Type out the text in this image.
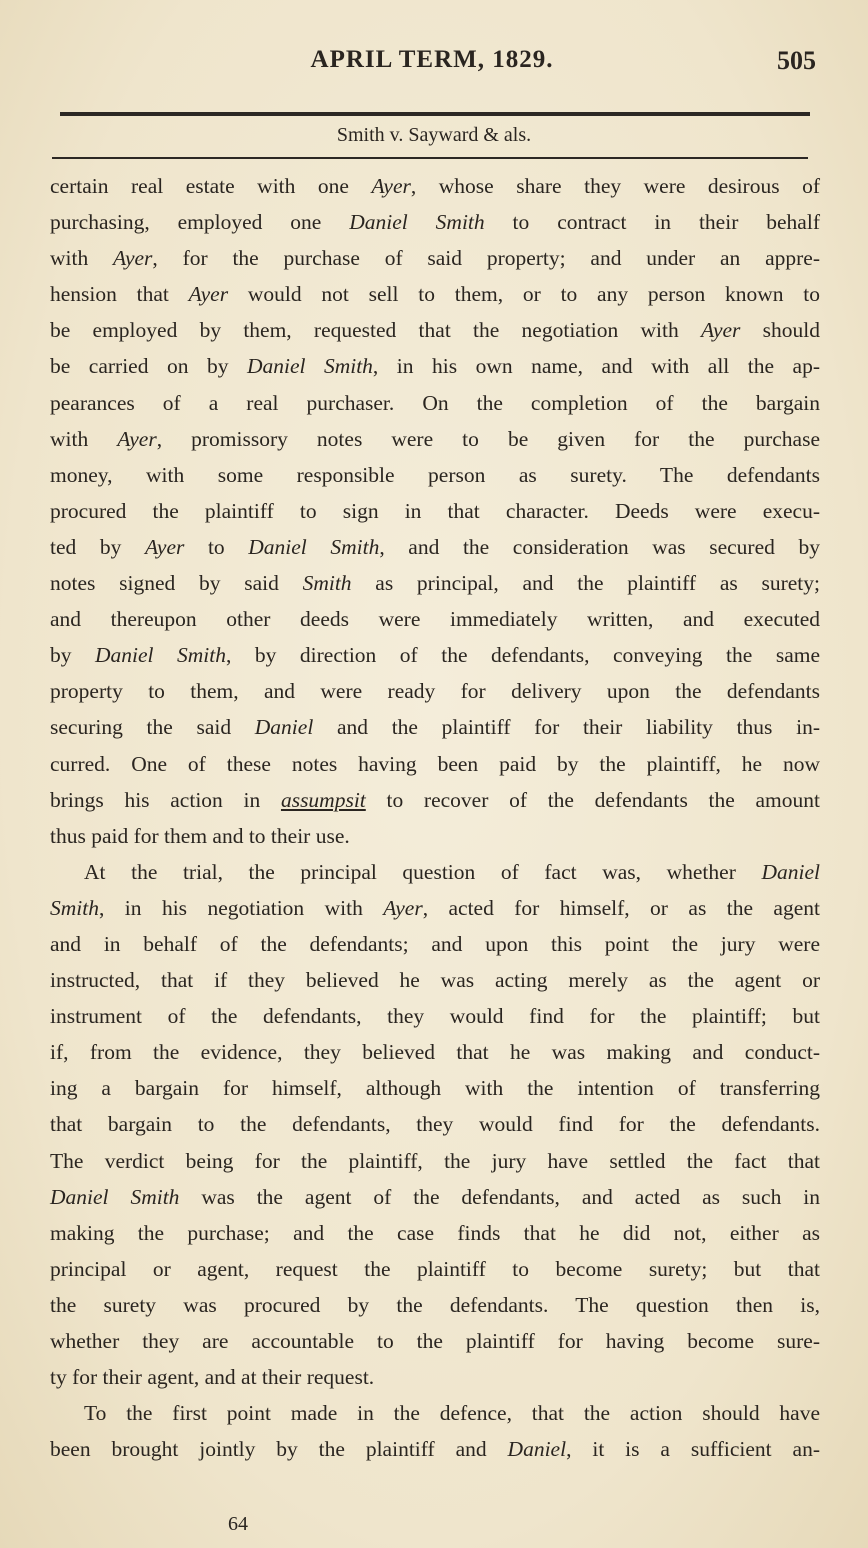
APRIL TERM, 1829.	505
Smith v. Sayward & als.
certain real estate with one Ayer, whose share they were desirous of
purchasing, employed one Daniel Smith to contract in their behalf
with Ayer, for the purchase of said property; and under an appre-
hension that Ayer would not sell to them, or to any person known to
be employed by them, requested that the negotiation with Ayer should
be carried on by Daniel Smith, in his own name, and with all the ap-
pearances of a real purchaser. On the completion of the bargain
with Ayer, promissory notes were to be given for the purchase
money, with some responsible person as surety. The defendants
procured the plaintiff to sign in that character. Deeds were execu-
ted by Ayer to Daniel Smith, and the consideration was secured by
notes signed by said Smith as principal, and the plaintiff as surety;
and thereupon other deeds were immediately written, and executed
by Daniel Smith, by direction of the defendants, conveying the same
property to them, and were ready for delivery upon the defendants
securing the said Daniel and the plaintiff for their liability thus in-
curred. One of these notes having been paid by the plaintiff, he now
brings his action in assumpsit to recover of the defendants the amount
thus paid for them and to their use.
At the trial, the principal question of fact was, whether Daniel
Smith, in his negotiation with Ayer, acted for himself, or as the agent
and in behalf of the defendants; and upon this point the jury were
instructed, that if they believed he was acting merely as the agent or
instrument of the defendants, they would find for the plaintiff; but
if, from the evidence, they believed that he was making and conduct-
ing a bargain for himself, although with the intention of transferring
that bargain to the defendants, they would find for the defendants.
The verdict being for the plaintiff, the jury have settled the fact that
Daniel Smith was the agent of the defendants, and acted as such in
making the purchase; and the case finds that he did not, either as
principal or agent, request the plaintiff to become surety; but that
the surety was procured by the defendants. The question then is,
whether they are accountable to the plaintiff for having become sure-
ty for their agent, and at their request.
To the first point made in the defence, that the action should have
been brought jointly by the plaintiff and Daniel, it is a sufficient an-
64
